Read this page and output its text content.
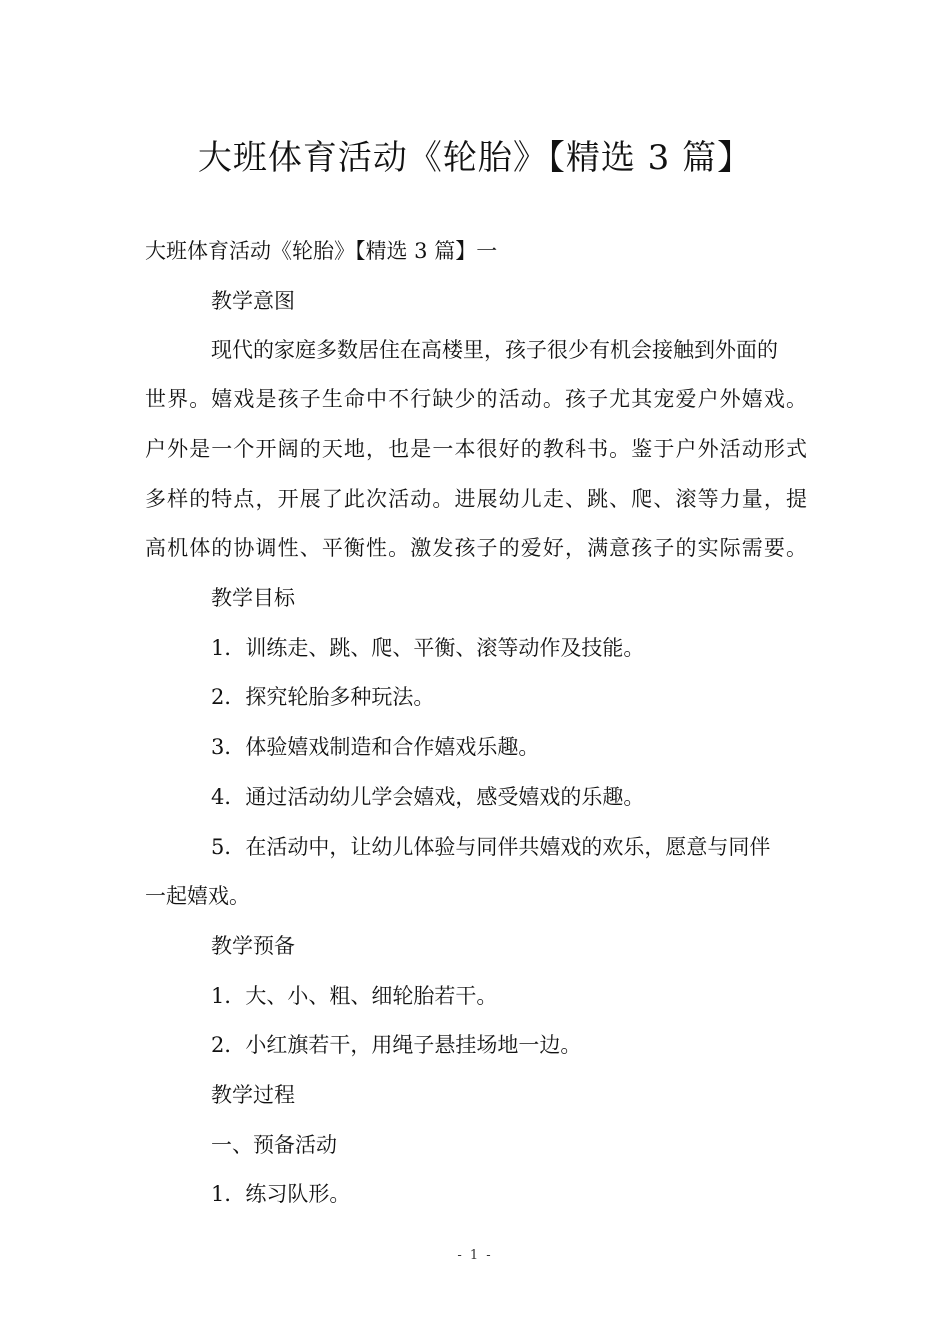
大班体育活动《轮胎》【精选 3 篇】
大班体育活动《轮胎》【精选 3 篇】一
教学意图
现代的家庭多数居住在高楼里，孩子很少有机会接触到外面的
世界。嬉戏是孩子生命中不行缺少的活动。孩子尤其宠爱户外嬉戏。
户外是一个开阔的天地，也是一本很好的教科书。鉴于户外活动形式
多样的特点，开展了此次活动。进展幼儿走、跳、爬、滚等力量，提
高机体的协调性、平衡性。激发孩子的爱好，满意孩子的实际需要。
教学目标
1．训练走、跳、爬、平衡、滚等动作及技能。
2．探究轮胎多种玩法。
3．体验嬉戏制造和合作嬉戏乐趣。
4．通过活动幼儿学会嬉戏，感受嬉戏的乐趣。
5．在活动中，让幼儿体验与同伴共嬉戏的欢乐，愿意与同伴
一起嬉戏。
教学预备
1．大、小、粗、细轮胎若干。
2．小红旗若干，用绳子悬挂场地一边。
教学过程
一、预备活动
1．练习队形。
- 1 -
